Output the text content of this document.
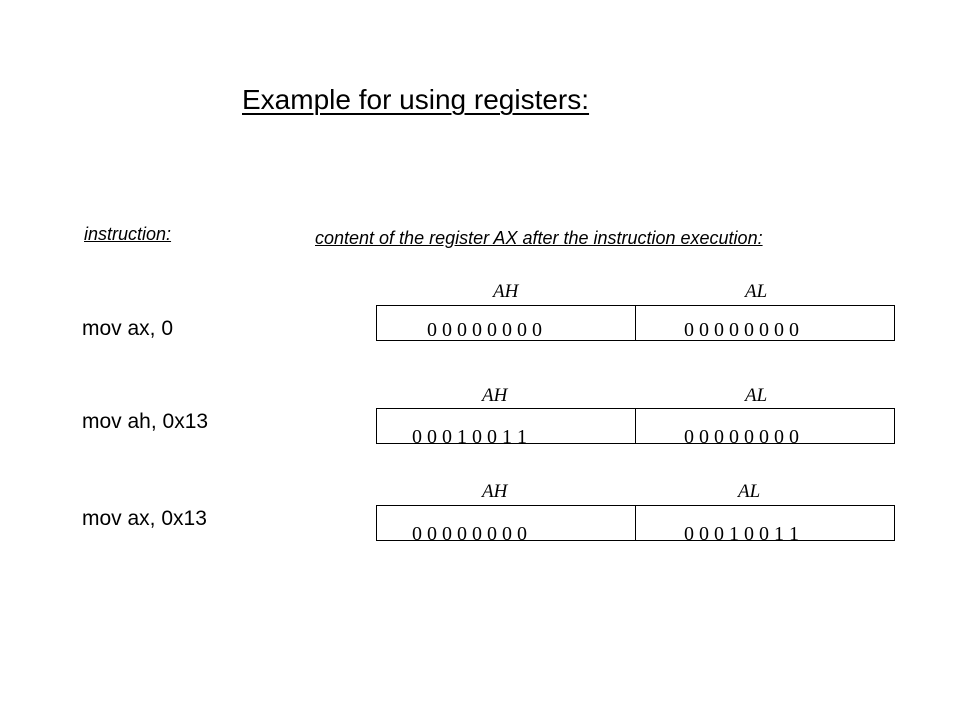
Example for using registers:
instruction:	content of the register AX after the instruction execution:
mov ax, 0
AH	AL
0 0 0 0 0 0 0 0	0 0 0 0 0 0 0 0
mov ah, 0x13
AH	AL
0 0 0 1 0 0 1 1	0 0 0 0 0 0 0 0
mov ax, 0x13
AH	AL
0 0 0 0 0 0 0 0	0 0 0 1 0 0 1 1
